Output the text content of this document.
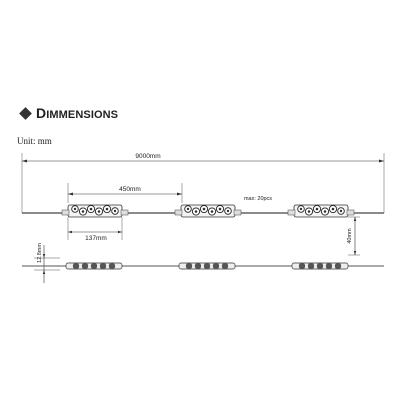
DIMMENSIONS
Unit: mm
9000mm
450mm
max: 20pcs
137mm	40mm
12.8mm
